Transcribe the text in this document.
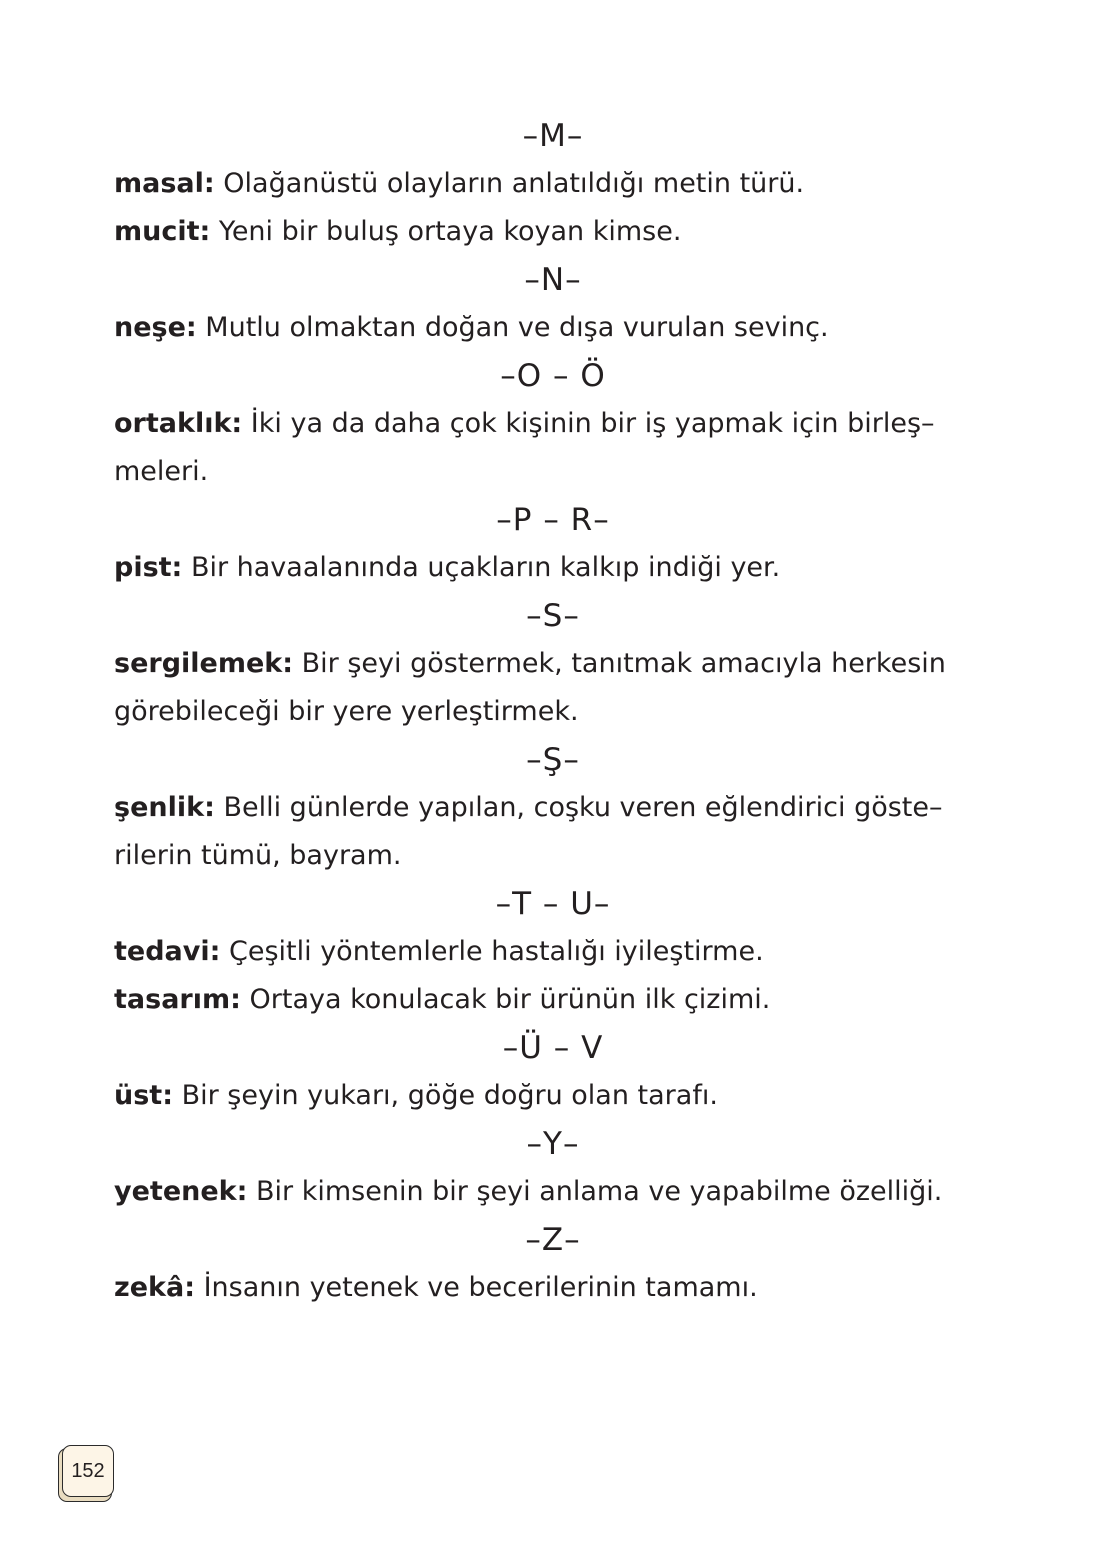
–M–

masal: Olağanüstü olayların anlatıldığı metin türü.

mucit: Yeni bir buluş ortaya koyan kimse.

–N–

neşe: Mutlu olmaktan doğan ve dışa vurulan sevinç.

–O – Ö

ortaklık: İki ya da daha çok kişinin bir iş yapmak için birleş– meleri.

–P – R–

pist: Bir havaalanında uçakların kalkıp indiği yer.

–S–

sergilemek: Bir şeyi göstermek, tanıtmak amacıyla herkesin görebileceği bir yere yerleştirmek.

–Ş–

şenlik: Belli günlerde yapılan, coşku veren eğlendirici göste– rilerin tümü, bayram.

–T – U–

tedavi: Çeşitli yöntemlerle hastalığı iyileştirme.

tasarım: Ortaya konulacak bir ürünün ilk çizimi.

–Ü – V

üst: Bir şeyin yukarı, göğe doğru olan tarafı.

–Y–

yetenek: Bir kimsenin bir şeyi anlama ve yapabilme özelliği.

–Z–

zekâ: İnsanın yetenek ve becerilerinin tamamı.

152
